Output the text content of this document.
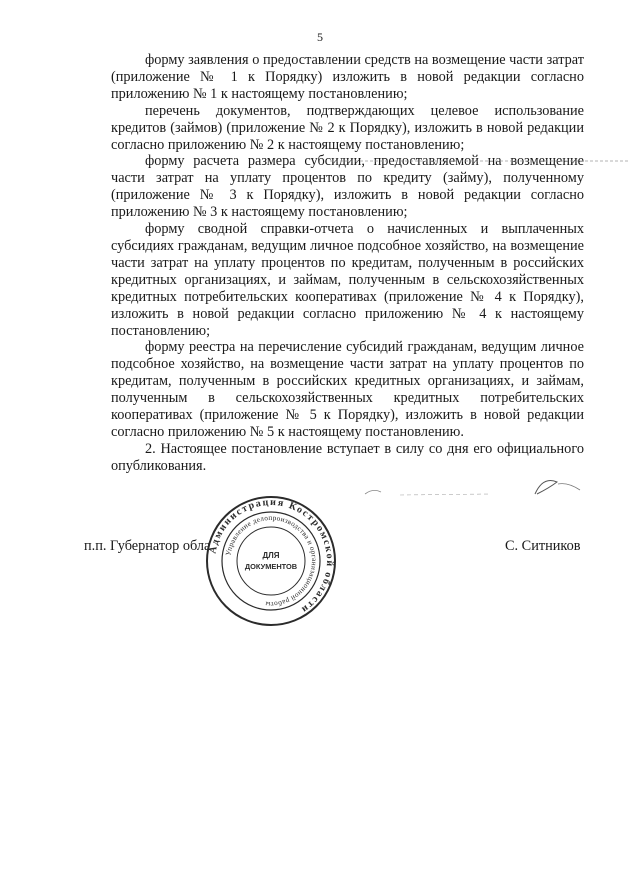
5

форму заявления о предоставлении средств на возмещение части затрат (приложение № 1 к Порядку) изложить в новой редакции согласно приложению № 1 к настоящему постановлению;

перечень документов, подтверждающих целевое использование кредитов (займов) (приложение № 2 к Порядку), изложить в новой редакции согласно приложению № 2 к настоящему постановлению;

форму расчета размера субсидии, предоставляемой на возмещение части затрат на уплату процентов по кредиту (займу), полученному (приложение № 3 к Порядку), изложить в новой редакции согласно приложению № 3 к настоящему постановлению;

форму сводной справки-отчета о начисленных и выплаченных субсидиях гражданам, ведущим личное подсобное хозяйство, на возмещение части затрат на уплату процентов по кредитам, полученным в российских кредитных организациях, и займам, полученным в сельскохозяйственных кредитных потребительских кооперативах (приложение № 4 к Порядку), изложить в новой редакции согласно приложению № 4 к настоящему постановлению;

форму реестра на перечисление субсидий гражданам, ведущим личное подсобное хозяйство, на возмещение части затрат на уплату процентов по кредитам, полученным в российских кредитных организациях, и займам, полученным в сельскохозяйственных кредитных потребительских кооперативах (приложение № 5 к Порядку), изложить в новой редакции согласно приложению № 5 к настоящему постановлению.

2. Настоящее постановление вступает в силу со дня его официального опубликования.

п.п. Губернатор обла	С. Ситников
Администрация Костромской области
Управление делопроизводства и организационной работы
ДЛЯ
ДОКУМЕНТОВ
